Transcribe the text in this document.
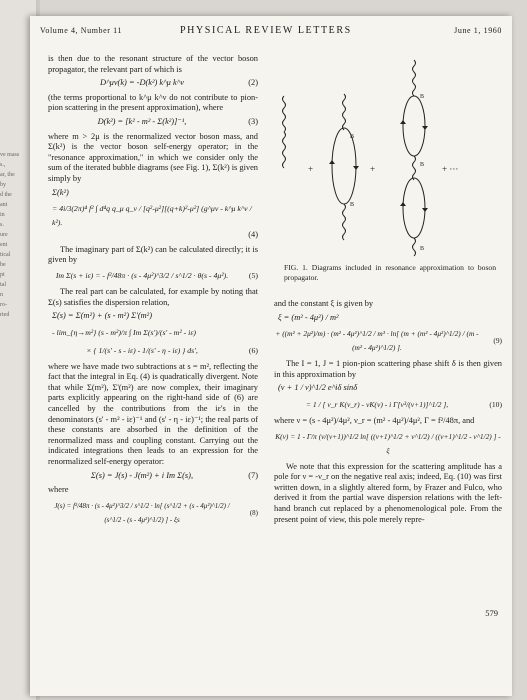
ve mass
s.,
ar, the
by
d the
ant
in
s.
ure
ent
tical
be
pt
tal
n
ro-
rted
Volume 4, Number 11	PHYSICAL REVIEW LETTERS	June 1, 1960

is then due to the resonant structure of the vector boson propagator, the relevant part of which is

D^μν(k) = -D(k²) k^μ k^ν	(2)

(the terms proportional to k^μ k^ν do not contribute to pion-pion scattering in the present approximation), where

D(k²) = [k² - m² - Σ(k²)]⁻¹,	(3)

where m > 2μ is the renormalized vector boson mass, and Σ(k²) is the vector boson self-energy operator; in the "resonance approximation," in which we consider only the sum of the iterated bubble diagrams (see Fig. 1), Σ(k²) is given simply by

Σ(k²)
= 4i/3(2π)⁴ f² ∫ d⁴q q_μ q_ν / [q²-μ²][(q+k)²-μ²] (g^μν - k^μ k^ν / k²).
(4)

The imaginary part of Σ(k²) can be calculated directly; it is given by

Im Σ(s + iε) = - f²/48π · (s - 4μ²)^3/2 / s^1/2 · θ(s - 4μ²).	(5)

The real part can be calculated, for example by noting that Σ(s) satisfies the dispersion relation,

Σ(s) = Σ(m²) + (s - m²) Σ'(m²)
- lim_{η→m²} (s - m²)/π ∫ Im Σ(s')/(s' - m² - iε)
× { 1/(s' - s - iε) - 1/(s' - η - iε) } ds',	(6)

where we have made two subtractions at s = m², reflecting the fact that the integral in Eq. (4) is quadratically divergent. Note that while Σ(m²), Σ'(m²) are now complex, their imaginary parts explicitly appearing on the right-hand side of (6) are cancelled by the contributions from the iε's in the denominators (s' - m² - iε)⁻¹ and (s' - η - iε)⁻¹; the real parts of these constants are absorbed in the definition of the renormalized mass and coupling constant. Carrying out the indicated integrations then leads to an expression for the renormalized self-energy operator:

Σ(s) = J(s) - J(m²) + i Im Σ(s),	(7)

where

J(s) = f²/48π · (s - 4μ²)^3/2 / s^1/2 · ln[ (s^1/2 + (s - 4μ²)^1/2) / (s^1/2 - (s - 4μ²)^1/2) ] - ξs
(8)
+
B
B
+
B
B
B
+ ···
FIG. 1. Diagrams included in resonance approximation to boson propagator.

and the constant ξ is given by

ξ = (m² - 4μ²) / m²
+ ((m² + 2μ²)/m) · (m² - 4μ²)^1/2 / m³ · ln[ (m + (m² - 4μ²)^1/2) / (m - (m² - 4μ²)^1/2) ].
(9)

The I = 1, J = 1 pion-pion scattering phase shift δ is then given in this approximation by

(ν + 1 / ν)^1/2 e^iδ sinδ
= 1 / [ ν_r K(ν_r) - νK(ν) - i Γ[ν³/(ν+1)]^1/2 ],	(10)

where ν = (s - 4μ²)/4μ², ν_r = (m² - 4μ²)/4μ², Γ = f²/48π, and

K(ν) = 1 - Γ/π (ν/(ν+1))^1/2 ln[ ((ν+1)^1/2 + ν^1/2) / ((ν+1)^1/2 - ν^1/2) ] - ξ

We note that this expression for the scattering amplitude has a pole for ν = -ν_r on the negative real axis; indeed, Eq. (10) was first written down, in a slightly altered form, by Frazer and Fulco, who derived it from the partial wave dispersion relations with the left-hand branch cut replaced by a phenomenological pole. From the present point of view, this pole merely repre-

579
